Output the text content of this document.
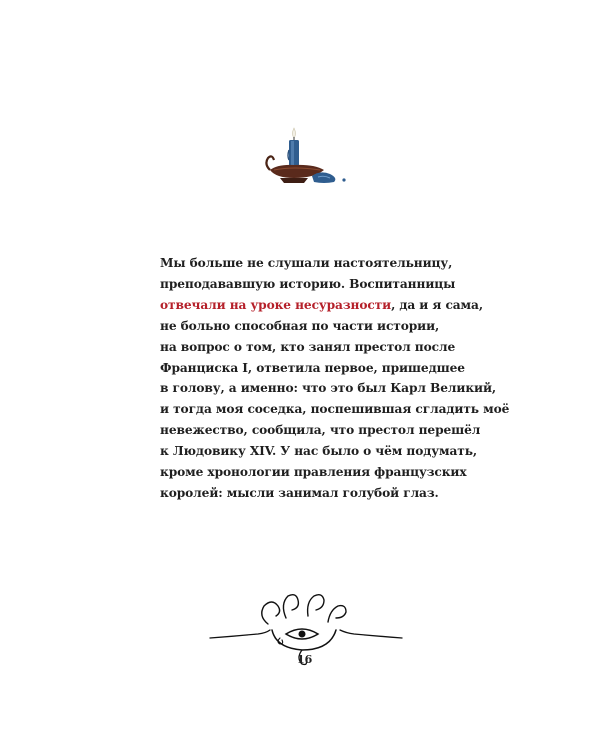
Мы больше не слушали настоятельницу,
преподававшую историю. Воспитанницы
отвечали на уроке несуразности, да и я сама,
не больно способная по части истории,
на вопрос о том, кто занял престол после
Франциска I, ответила первое, пришедшее
в голову, а именно: что это был Карл Великий,
и тогда моя соседка, поспешившая сгладить моё
невежество, сообщила, что престол перешёл
к Людовику XIV. У нас было о чём подумать,
кроме хронологии правления французских
королей: мысли занимал голубой глаз.
16
